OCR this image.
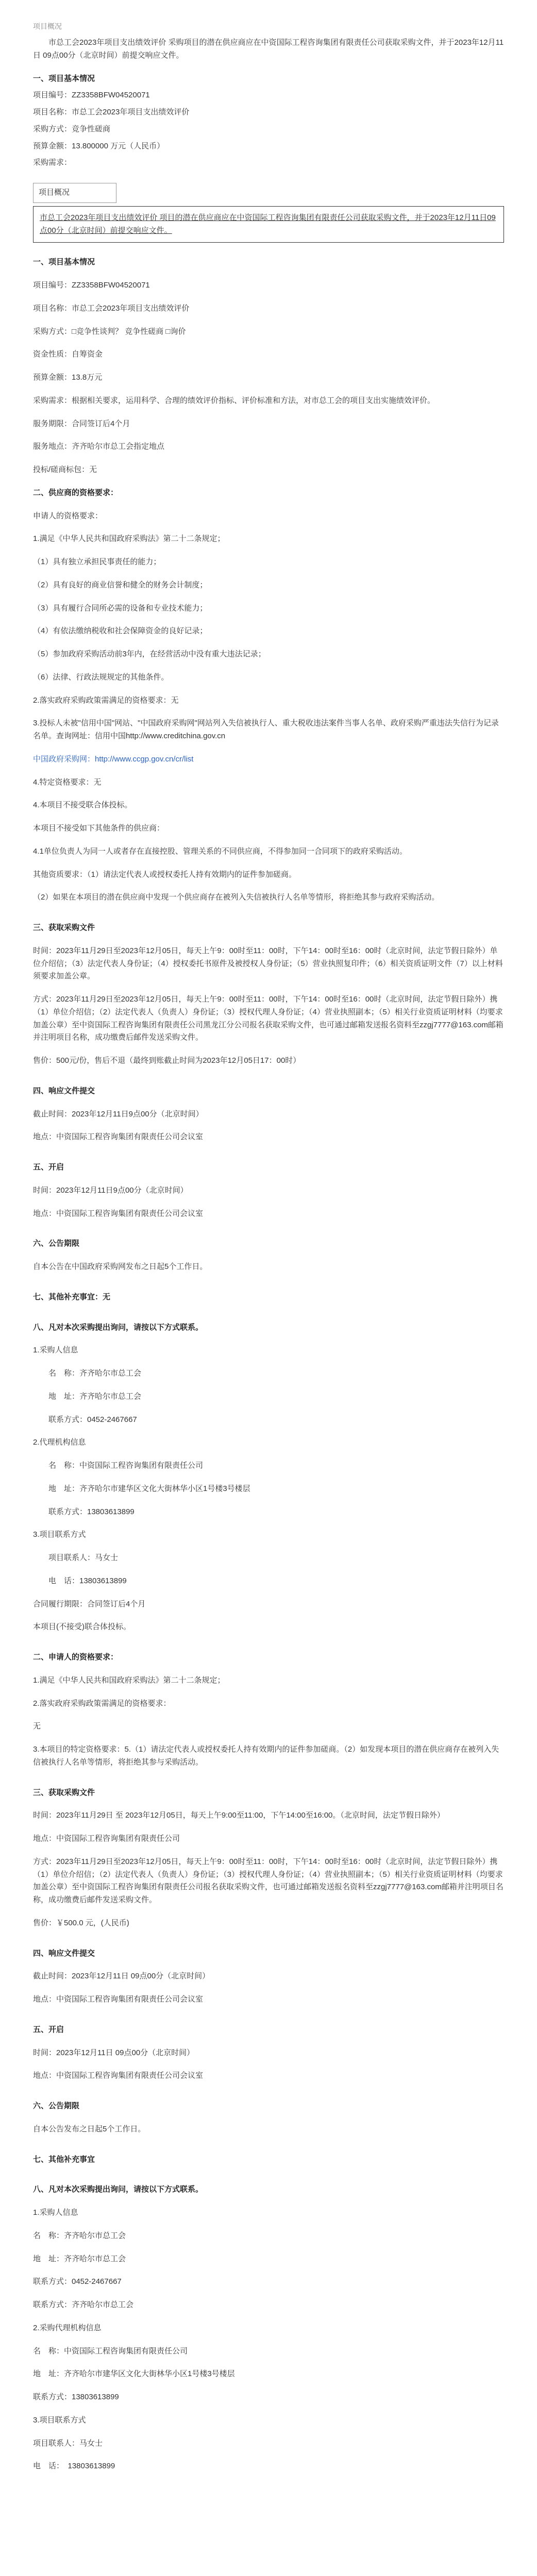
项目概况

市总工会2023年项目支出绩效评价 采购项目的潜在供应商应在中资国际工程咨询集团有限责任公司获取采购文件，并于2023年12月11日 09点00分（北京时间）前提交响应文件。

一、项目基本情况

项目编号：ZZ3358BFW04520071

项目名称：市总工会2023年项目支出绩效评价

采购方式：竞争性磋商

预算金额：13.800000 万元（人民币）

采购需求：

项目概况

市总工会2023年项目支出绩效评价 项目的潜在供应商应在中资国际工程咨询集团有限责任公司获取采购文件，并于2023年12月11日09点00分（北京时间）前提交响应文件。

一、项目基本情况

项目编号：ZZ3358BFW04520071

项目名称：市总工会2023年项目支出绩效评价

采购方式：□竞争性谈判？ 竞争性磋商 □询价

资金性质：自筹资金

预算金额：13.8万元

采购需求：根据相关要求，运用科学、合理的绩效评价指标、评价标准和方法，对市总工会的项目支出实施绩效评价。

服务期限：合同签订后4个月

服务地点：齐齐哈尔市总工会指定地点

投标/磋商标包：无

二、供应商的资格要求：

申请人的资格要求：

1.满足《中华人民共和国政府采购法》第二十二条规定；

（1）具有独立承担民事责任的能力；

（2）具有良好的商业信誉和健全的财务会计制度；

（3）具有履行合同所必需的设备和专业技术能力；

（4）有依法缴纳税收和社会保障资金的良好记录；

（5）参加政府采购活动前3年内，在经营活动中没有重大违法记录；

（6）法律、行政法规规定的其他条件。

2.落实政府采购政策需满足的资格要求：无

3.投标人未被"信用中国"网站、"中国政府采购网"网站列入失信被执行人、重大税收违法案件当事人名单、政府采购严重违法失信行为记录名单。查询网址：信用中国http://www.creditchina.gov.cn

中国政府采购网：http://www.ccgp.gov.cn/cr/list

4.特定资格要求：无

4.本项目不接受联合体投标。

本项目不接受如下其他条件的供应商：

4.1单位负责人为同一人或者存在直接控股、管理关系的不同供应商，不得参加同一合同项下的政府采购活动。

其他资质要求：（1）请法定代表人或授权委托人持有效期内的证件参加磋商。

（2）如果在本项目的潜在供应商中发现一个供应商存在被列入失信被执行人名单等情形，将拒绝其参与政府采购活动。

三、获取采购文件

时间：2023年11月29日至2023年12月05日，每天上午9：00时至11：00时，下午14：00时至16：00时（北京时间，法定节假日除外）单位介绍信；（3）法定代表人身份证；（4）授权委托书原件及被授权人身份证；（5）营业执照复印件；（6）相关资质证明文件（7）以上材料须要求加盖公章。

方式：2023年11月29日至2023年12月05日，每天上午9：00时至11：00时，下午14：00时至16：00时（北京时间，法定节假日除外）携（1）单位介绍信；（2）法定代表人（负责人）身份证；（3）授权代理人身份证；（4）营业执照副本；（5）相关行业资质证明材料（均要求加盖公章）至中资国际工程咨询集团有限责任公司黑龙江分公司报名获取采购文件，也可通过邮箱发送报名资料至zzgj7777@163.com邮箱并注明项目名称，成功缴费后邮件发送采购文件。

售价：500元/份，售后不退（最终到账截止时间为2023年12月05日17：00时）

四、响应文件提交

截止时间：2023年12月11日9点00分（北京时间）

地点：中资国际工程咨询集团有限责任公司会议室

五、开启

时间：2023年12月11日9点00分（北京时间）

地点：中资国际工程咨询集团有限责任公司会议室

六、公告期限

自本公告在中国政府采购网发布之日起5个工作日。

七、其他补充事宜：无

八、凡对本次采购提出询问，请按以下方式联系。

1.采购人信息

名　称：齐齐哈尔市总工会

地　址：齐齐哈尔市总工会

联系方式：0452-2467667

2.代理机构信息

名　称：中资国际工程咨询集团有限责任公司

地　址：齐齐哈尔市建华区文化大街林华小区1号楼3号楼层

联系方式：13803613899

3.项目联系方式

项目联系人：马女士

电　话：13803613899

合同履行期限：合同签订后4个月

本项目(不接受)联合体投标。

二、申请人的资格要求：

1.满足《中华人民共和国政府采购法》第二十二条规定；

2.落实政府采购政策需满足的资格要求：

无

3.本项目的特定资格要求：5.（1）请法定代表人或授权委托人持有效期内的证件参加磋商。（2）如发现本项目的潜在供应商存在被列入失信被执行人名单等情形，将拒绝其参与采购活动。

三、获取采购文件

时间：2023年11月29日 至 2023年12月05日，每天上午9:00至11:00，下午14:00至16:00。（北京时间，法定节假日除外）

地点：中资国际工程咨询集团有限责任公司

方式：2023年11月29日至2023年12月05日，每天上午9：00时至11：00时，下午14：00时至16：00时（北京时间，法定节假日除外）携（1）单位介绍信；（2）法定代表人（负责人）身份证；（3）授权代理人身份证；（4）营业执照副本；（5）相关行业资质证明材料（均要求加盖公章）至中资国际工程咨询集团有限责任公司报名获取采购文件，也可通过邮箱发送报名资料至zzgj7777@163.com邮箱并注明项目名称，成功缴费后邮件发送采购文件。

售价：￥500.0 元，(人民币)

四、响应文件提交

截止时间：2023年12月11日 09点00分（北京时间）

地点：中资国际工程咨询集团有限责任公司会议室

五、开启

时间：2023年12月11日 09点00分（北京时间）

地点：中资国际工程咨询集团有限责任公司会议室

六、公告期限

自本公告发布之日起5个工作日。

七、其他补充事宜

八、凡对本次采购提出询问，请按以下方式联系。

1.采购人信息

名　称：齐齐哈尔市总工会

地　址：齐齐哈尔市总工会

联系方式：0452-2467667

联系方式：齐齐哈尔市总工会

2.采购代理机构信息

名　称：中资国际工程咨询集团有限责任公司

地　址：齐齐哈尔市建华区文化大街林华小区1号楼3号楼层

联系方式：13803613899

3.项目联系方式

项目联系人：马女士

电　话：　13803613899
